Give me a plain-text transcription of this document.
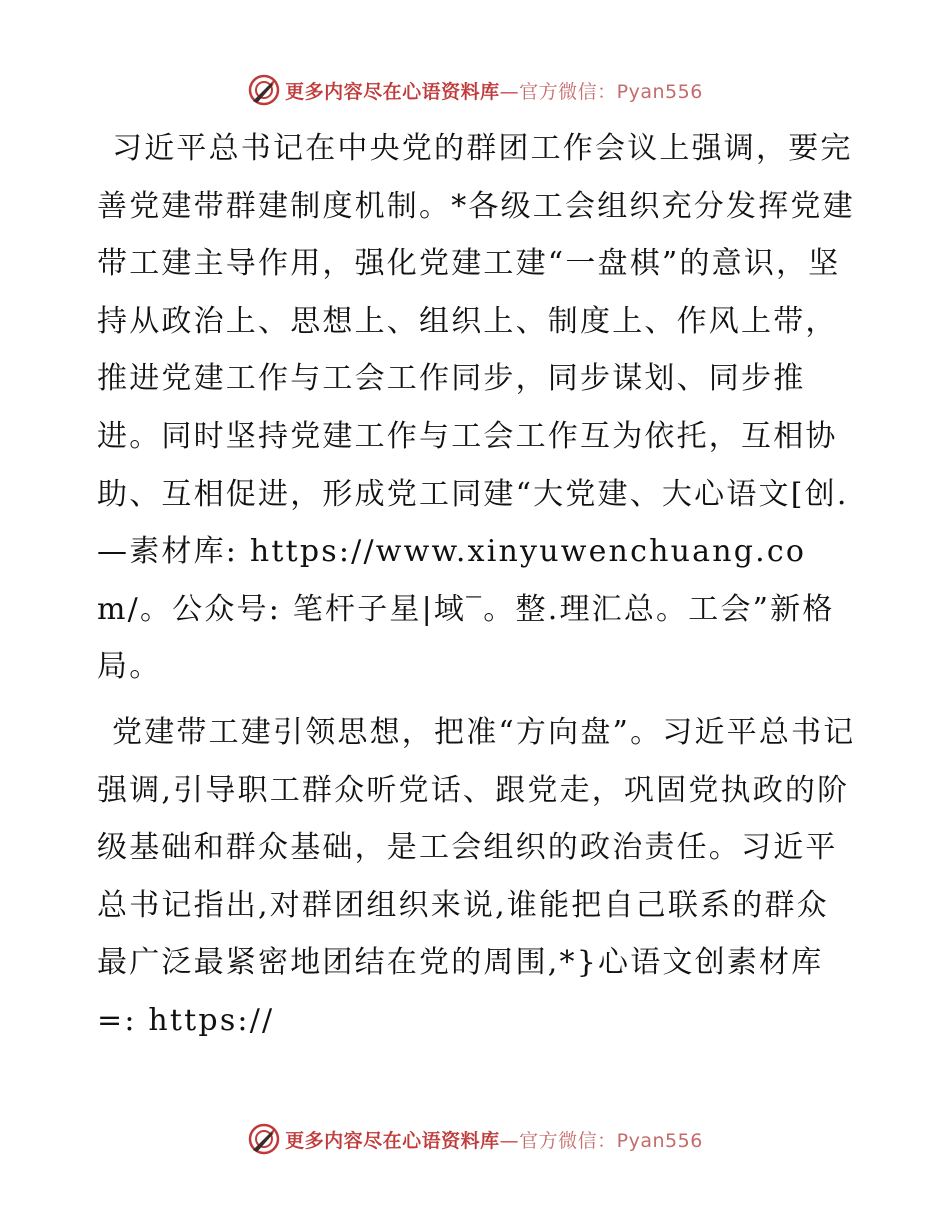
更多内容尽在心语资料库—官方微信：Pyan556

习近平总书记在中央党的群团工作会议上强调，要完善党建带群建制度机制。*各级工会组织充分发挥党建带工建主导作用，强化党建工建“一盘棋”的意识，坚持从政治上、思想上、组织上、制度上、作风上带，推进党建工作与工会工作同步，同步谋划、同步推进。同时坚持党建工作与工会工作互为依托，互相协助、互相促进，形成党工同建“大党建、大心语文[创.—素材库: https://www.xinyuwenchuang.com/。公众号: 笔杆子星|域‾。整.理汇总。工会”新格局。

党建带工建引领思想，把准“方向盘”。习近平总书记强调,引导职工群众听党话、跟党走，巩固党执政的阶级基础和群众基础，是工会组织的政治责任。习近平总书记指出,对群团组织来说,谁能把自己联系的群众最广泛最紧密地团结在党的周围,*}心语文创素材库=: https://

更多内容尽在心语资料库—官方微信：Pyan556
